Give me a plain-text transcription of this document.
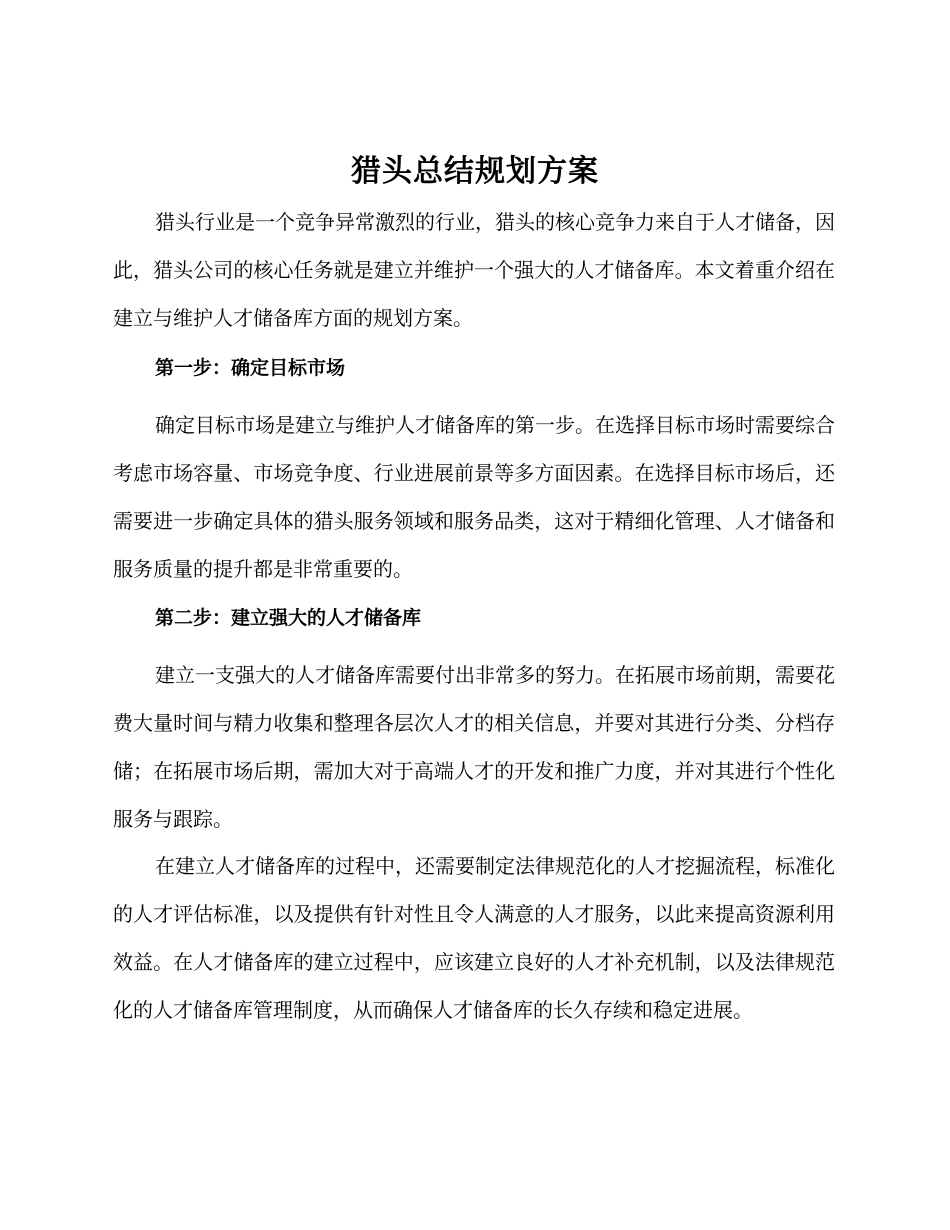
猎头总结规划方案

猎头行业是一个竞争异常激烈的行业，猎头的核心竞争力来自于人才储备，因此，猎头公司的核心任务就是建立并维护一个强大的人才储备库。本文着重介绍在建立与维护人才储备库方面的规划方案。

第一步：确定目标市场

确定目标市场是建立与维护人才储备库的第一步。在选择目标市场时需要综合考虑市场容量、市场竞争度、行业进展前景等多方面因素。在选择目标市场后，还需要进一步确定具体的猎头服务领域和服务品类，这对于精细化管理、人才储备和服务质量的提升都是非常重要的。

第二步：建立强大的人才储备库

建立一支强大的人才储备库需要付出非常多的努力。在拓展市场前期，需要花费大量时间与精力收集和整理各层次人才的相关信息，并要对其进行分类、分档存储；在拓展市场后期，需加大对于高端人才的开发和推广力度，并对其进行个性化服务与跟踪。

在建立人才储备库的过程中，还需要制定法律规范化的人才挖掘流程，标准化的人才评估标准，以及提供有针对性且令人满意的人才服务，以此来提高资源利用效益。在人才储备库的建立过程中，应该建立良好的人才补充机制，以及法律规范化的人才储备库管理制度，从而确保人才储备库的长久存续和稳定进展。
